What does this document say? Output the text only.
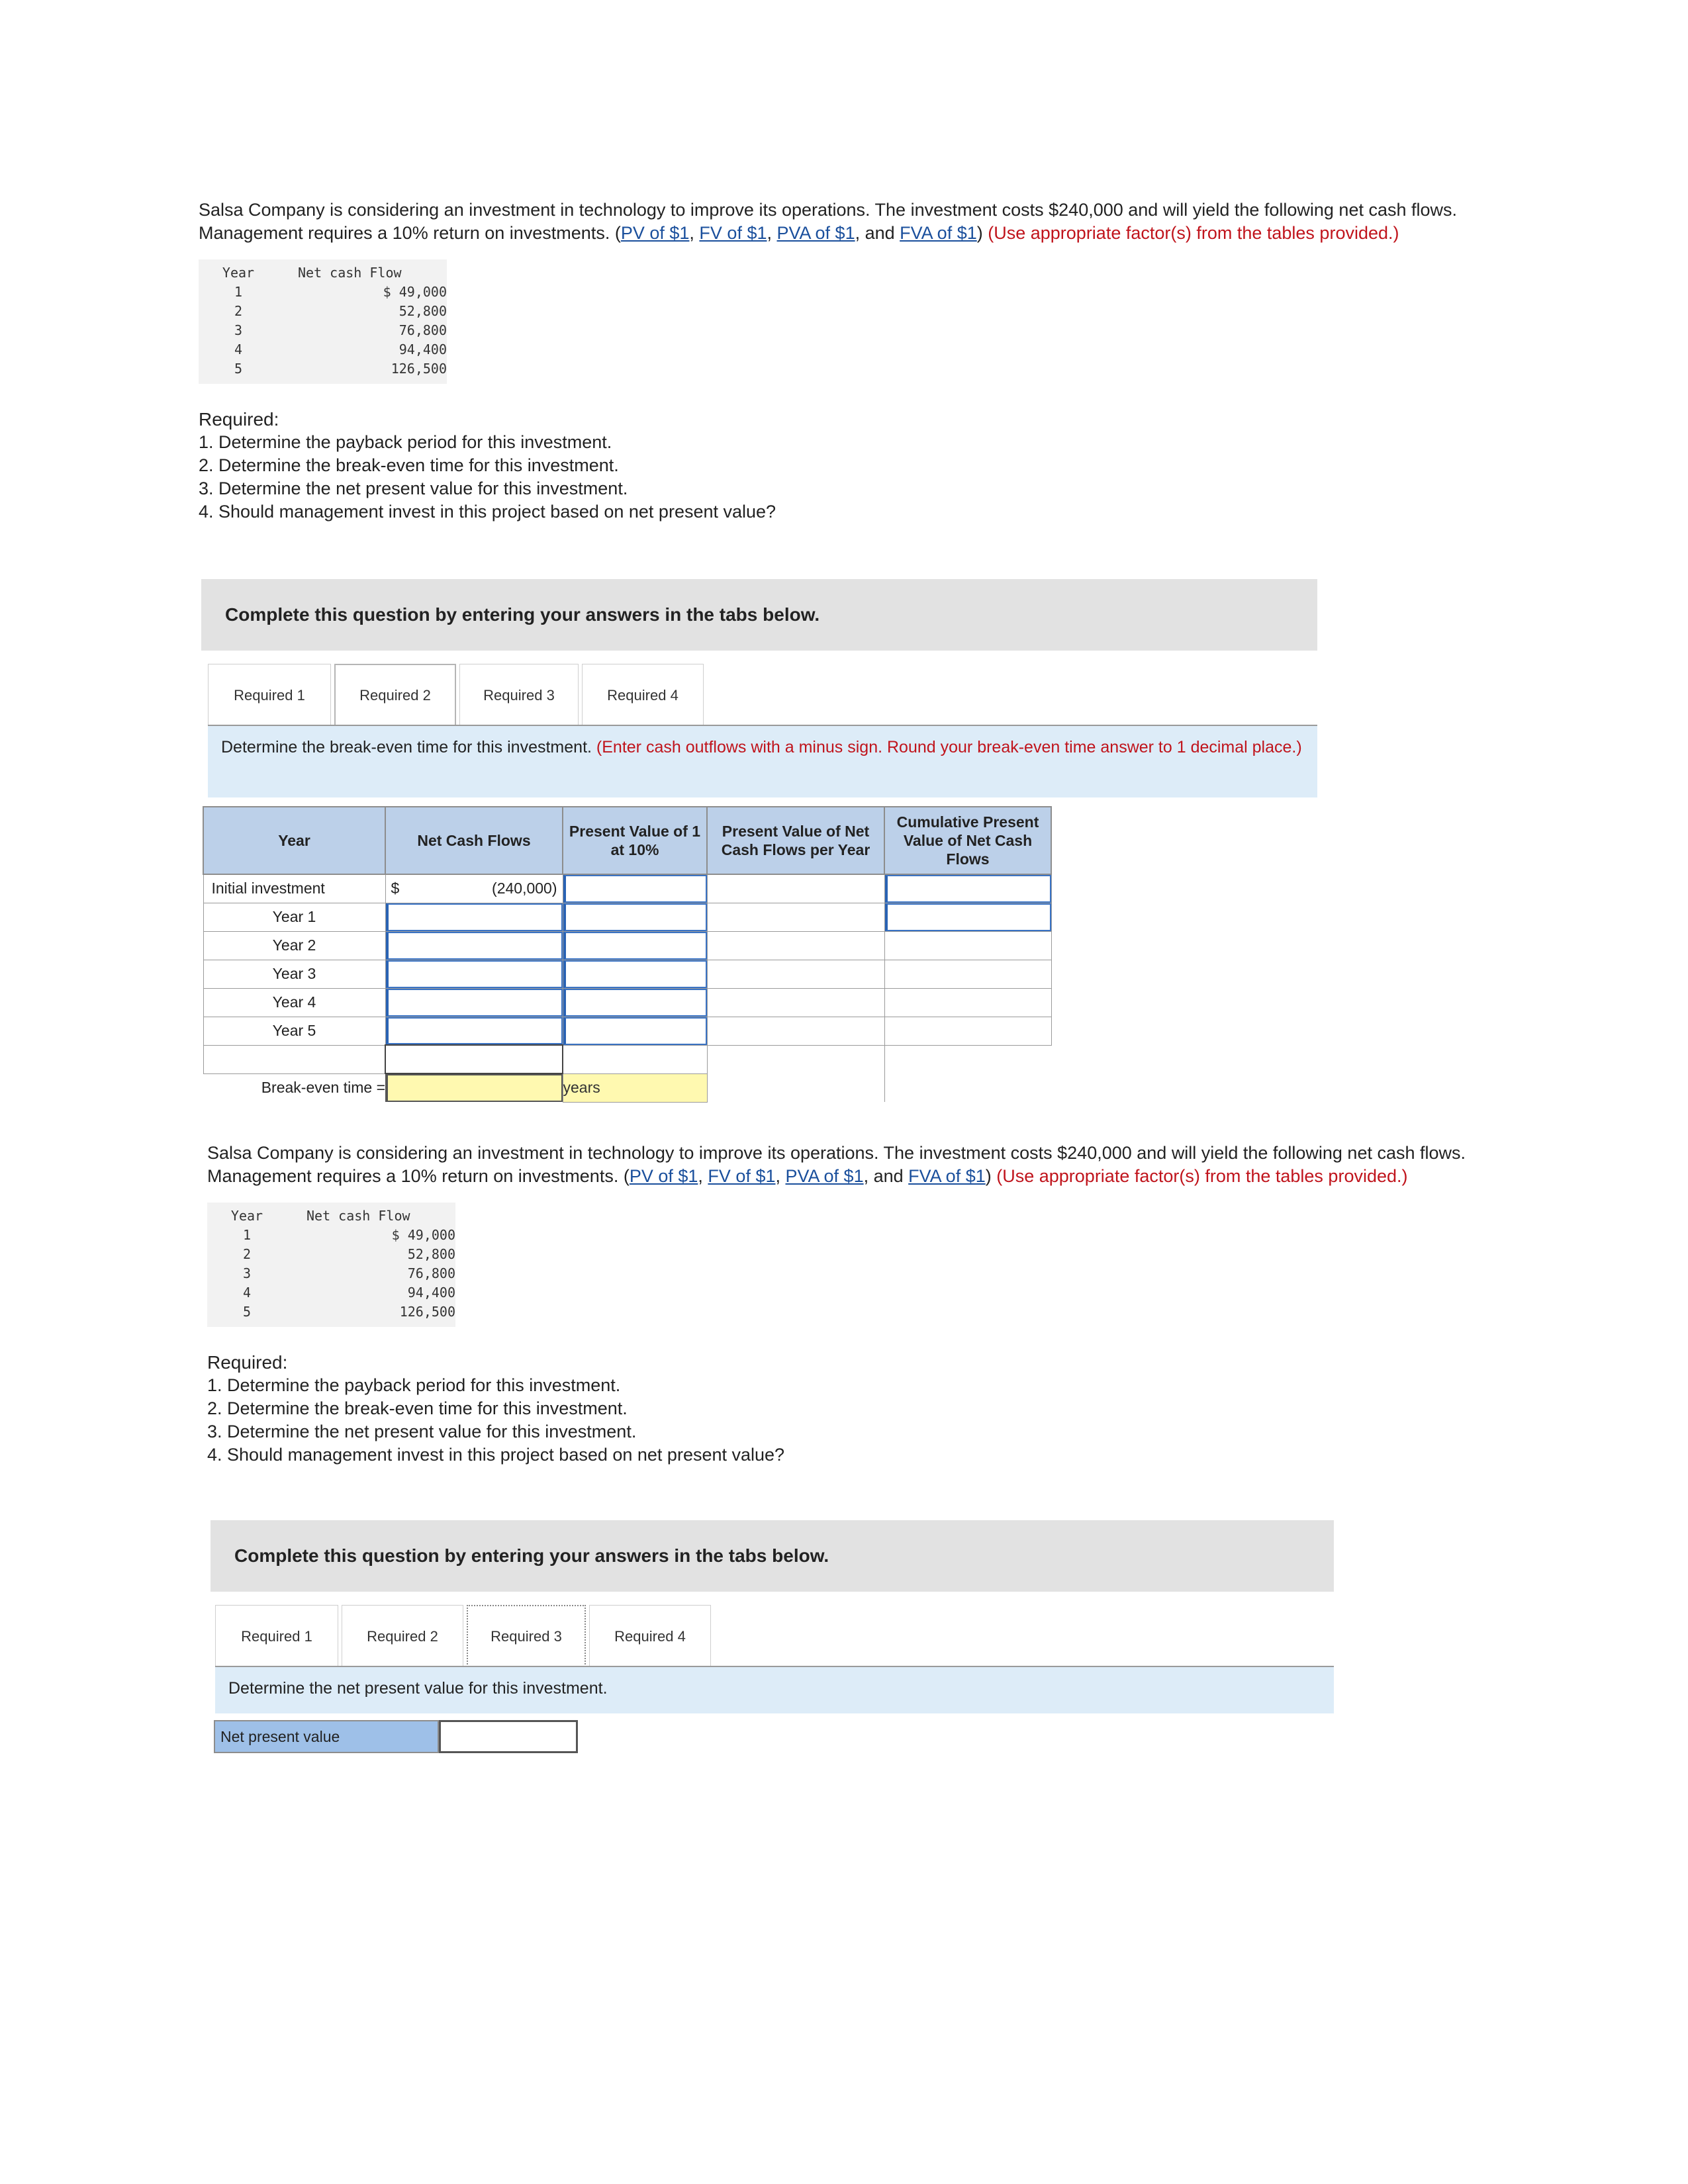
Salsa Company is considering an investment in technology to improve its operations. The investment costs $240,000 and will yield the following net cash flows. Management requires a 10% return on investments. (PV of $1, FV of $1, PVA of $1, and FVA of $1) (Use appropriate factor(s) from the tables provided.)
Year	Net cash Flow
1	$ 49,000
2	52,800
3	76,800
4	94,400
5	126,500
Required:
1. Determine the payback period for this investment.
2. Determine the break-even time for this investment.
3. Determine the net present value for this investment.
4. Should management invest in this project based on net present value?
Complete this question by entering your answers in the tabs below.
Required 1	Required 2	Required 3	Required 4
Determine the break-even time for this investment. (Enter cash outflows with a minus sign. Round your break-even time answer to 1 decimal place.)
Year	Net Cash Flows	Present Value of 1 at 10%	Present Value of Net Cash Flows per Year	Cumulative Present Value of Net Cash Flows
Initial investment	$ (240,000)			

Year 1	

Year 2	

Year 3	

Year 4	

Year 5	

Break-even time =		years		
Salsa Company is considering an investment in technology to improve its operations. The investment costs $240,000 and will yield the following net cash flows. Management requires a 10% return on investments. (PV of $1, FV of $1, PVA of $1, and FVA of $1) (Use appropriate factor(s) from the tables provided.)
Year	Net cash Flow
1	$ 49,000
2	52,800
3	76,800
4	94,400
5	126,500
Required:
1. Determine the payback period for this investment.
2. Determine the break-even time for this investment.
3. Determine the net present value for this investment.
4. Should management invest in this project based on net present value?
Complete this question by entering your answers in the tabs below.
Required 1	Required 2	Required 3	Required 4
Determine the net present value for this investment.
Net present value
